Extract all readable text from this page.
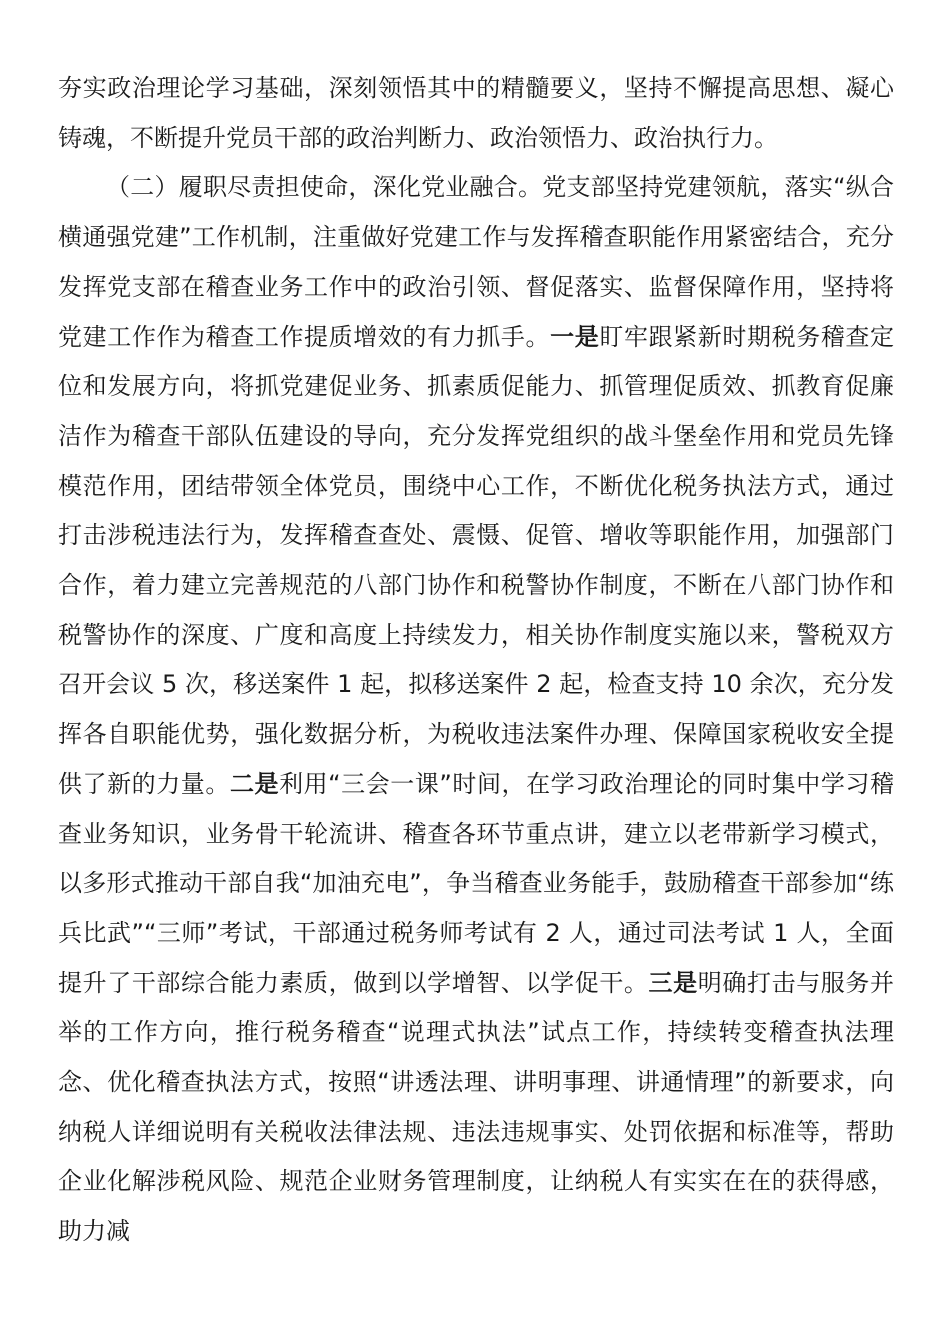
夯实政治理论学习基础，深刻领悟其中的精髓要义，坚持不懈提高思想、凝心铸魂，不断提升党员干部的政治判断力、政治领悟力、政治执行力。

（二）履职尽责担使命，深化党业融合。党支部坚持党建领航，落实“纵合横通强党建”工作机制，注重做好党建工作与发挥稽查职能作用紧密结合，充分发挥党支部在稽查业务工作中的政治引领、督促落实、监督保障作用，坚持将党建工作作为稽查工作提质增效的有力抓手。一是盯牢跟紧新时期税务稽查定位和发展方向，将抓党建促业务、抓素质促能力、抓管理促质效、抓教育促廉洁作为稽查干部队伍建设的导向，充分发挥党组织的战斗堡垒作用和党员先锋模范作用，团结带领全体党员，围绕中心工作，不断优化税务执法方式，通过打击涉税违法行为，发挥稽查查处、震慑、促管、增收等职能作用，加强部门合作，着力建立完善规范的八部门协作和税警协作制度，不断在八部门协作和税警协作的深度、广度和高度上持续发力，相关协作制度实施以来，警税双方召开会议 5 次，移送案件 1 起，拟移送案件 2 起，检查支持 10 余次，充分发挥各自职能优势，强化数据分析，为税收违法案件办理、保障国家税收安全提供了新的力量。二是利用“三会一课”时间，在学习政治理论的同时集中学习稽查业务知识，业务骨干轮流讲、稽查各环节重点讲，建立以老带新学习模式，以多形式推动干部自我“加油充电”，争当稽查业务能手，鼓励稽查干部参加“练兵比武”“三师”考试，干部通过税务师考试有 2 人，通过司法考试 1 人，全面提升了干部综合能力素质，做到以学增智、以学促干。三是明确打击与服务并举的工作方向，推行税务稽查“说理式执法”试点工作，持续转变稽查执法理念、优化稽查执法方式，按照“讲透法理、讲明事理、讲通情理”的新要求，向纳税人详细说明有关税收法律法规、违法违规事实、处罚依据和标准等，帮助企业化解涉税风险、规范企业财务管理制度，让纳税人有实实在在的获得感，助力减
